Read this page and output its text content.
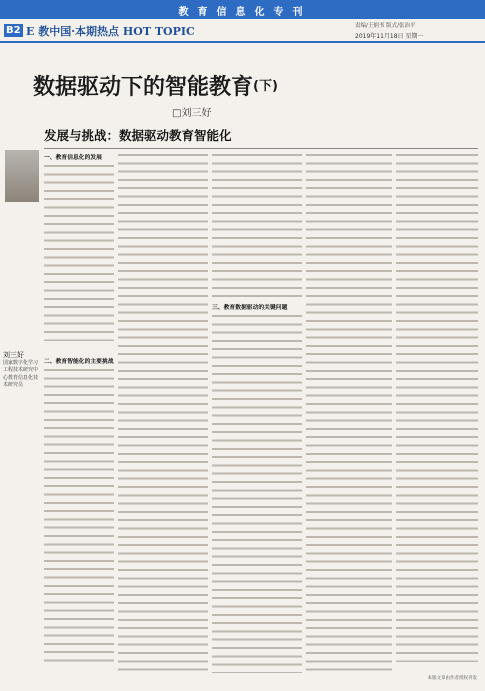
教育信息化专刊
B2 E 教中国·本期热点 HOT TOPIC	责编/王炳书 版式/张治平
2019年11月18日 星期一
数据驱动下的智能教育(下)
□刘三好
发展与挑战：数据驱动教育智能化
一、教育信息化的发展
刘三好
国家数字化学习工程技术研究中心教育信息化技术研究员
二、教育智能化的主要挑战
三、教育数据驱动的关键问题
本版文章由作者授权刊发
